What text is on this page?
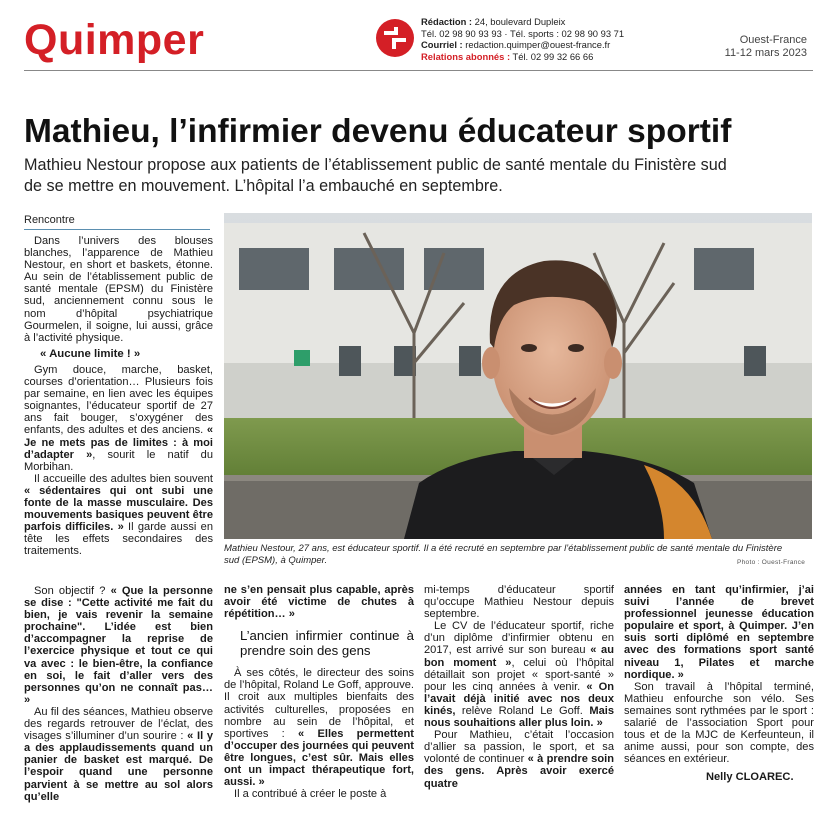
Quimper	Rédaction : 24, boulevard Dupleix
Tél. 02 98 90 93 93 · Tél. sports : 02 98 90 93 71
Courriel : redaction.quimper@ouest-france.fr
Relations abonnés : Tél. 02 99 32 66 66
Ouest-France
11-12 mars 2023
Mathieu, l’infirmier devenu éducateur sportif
Mathieu Nestour propose aux patients de l’établissement public de santé mentale du Finistère sud de se mettre en mouvement. L’hôpital l’a embauché en septembre.
Rencontre

Dans l’univers des blouses blanches, l’apparence de Mathieu Nestour, en short et baskets, étonne. Au sein de l’établissement public de santé mentale (EPSM) du Finistère sud, anciennement connu sous le nom d’hôpital psychiatrique Gourmelen, il soigne, lui aussi, grâce à l’activité physique.

« Aucune limite ! »

Gym douce, marche, basket, courses d’orientation… Plusieurs fois par semaine, en lien avec les équipes soignantes, l’éducateur sportif de 27 ans fait bouger, s’oxygéner des enfants, des adultes et des anciens. « Je ne mets pas de limites : à moi d’adapter », sourit le natif du Morbihan.

Il accueille des adultes bien souvent « sédentaires qui ont subi une fonte de la masse musculaire. Des mouvements basiques peuvent être parfois difficiles. » Il garde aussi en tête les effets secondaires des traitements.	Mathieu Nestour, 27 ans, est éducateur sportif. Il a été recruté en septembre par l’établissement public de santé mentale du Finistère sud (EPSM), à Quimper.	Photo : Ouest-France

Son objectif ? « Que la personne se dise : "Cette activité me fait du bien, je vais revenir la semaine prochaine". L’idée est bien d’accompagner la reprise de l’exercice physique et tout ce qui va avec : le bien-être, la confiance en soi, le fait d’aller vers des personnes qu’on ne connaît pas… »

Au fil des séances, Mathieu observe des regards retrouver de l’éclat, des visages s’illuminer d’un sourire : « Il y a des applaudissements quand un panier de basket est marqué. De l’espoir quand une personne parvient à se mettre au sol alors qu’elle

ne s’en pensait plus capable, après avoir été victime de chutes à répétition… »

L’ancien infirmier continue à prendre soin des gens

À ses côtés, le directeur des soins de l’hôpital, Roland Le Goff, approuve. Il croit aux multiples bienfaits des activités culturelles, proposées en nombre au sein de l’hôpital, et sportives : « Elles permettent d’occuper des journées qui peuvent être longues, c’est sûr. Mais elles ont un impact thérapeutique fort, aussi. »

Il a contribué à créer le poste à

mi-temps d’éducateur sportif qu’occupe Mathieu Nestour depuis septembre.

Le CV de l’éducateur sportif, riche d’un diplôme d’infirmier obtenu en 2017, est arrivé sur son bureau « au bon moment », celui où l’hôpital détaillait son projet « sport-santé » pour les cinq années à venir. « On l’avait déjà initié avec nos deux kinés, relève Roland Le Goff. Mais nous souhaitions aller plus loin. »

Pour Mathieu, c’était l’occasion d’allier sa passion, le sport, et sa volonté de continuer « à prendre soin des gens. Après avoir exercé quatre

années en tant qu’infirmier, j’ai suivi l’année de brevet professionnel jeunesse éducation populaire et sport, à Quimper. J’en suis sorti diplômé en septembre avec des formations sport santé niveau 1, Pilates et marche nordique. »

Son travail à l’hôpital terminé, Mathieu enfourche son vélo. Ses semaines sont rythmées par le sport : salarié de l’association Sport pour tous et de la MJC de Kerfeunteun, il anime aussi, pour son compte, des séances en extérieur.

Nelly CLOAREC.
